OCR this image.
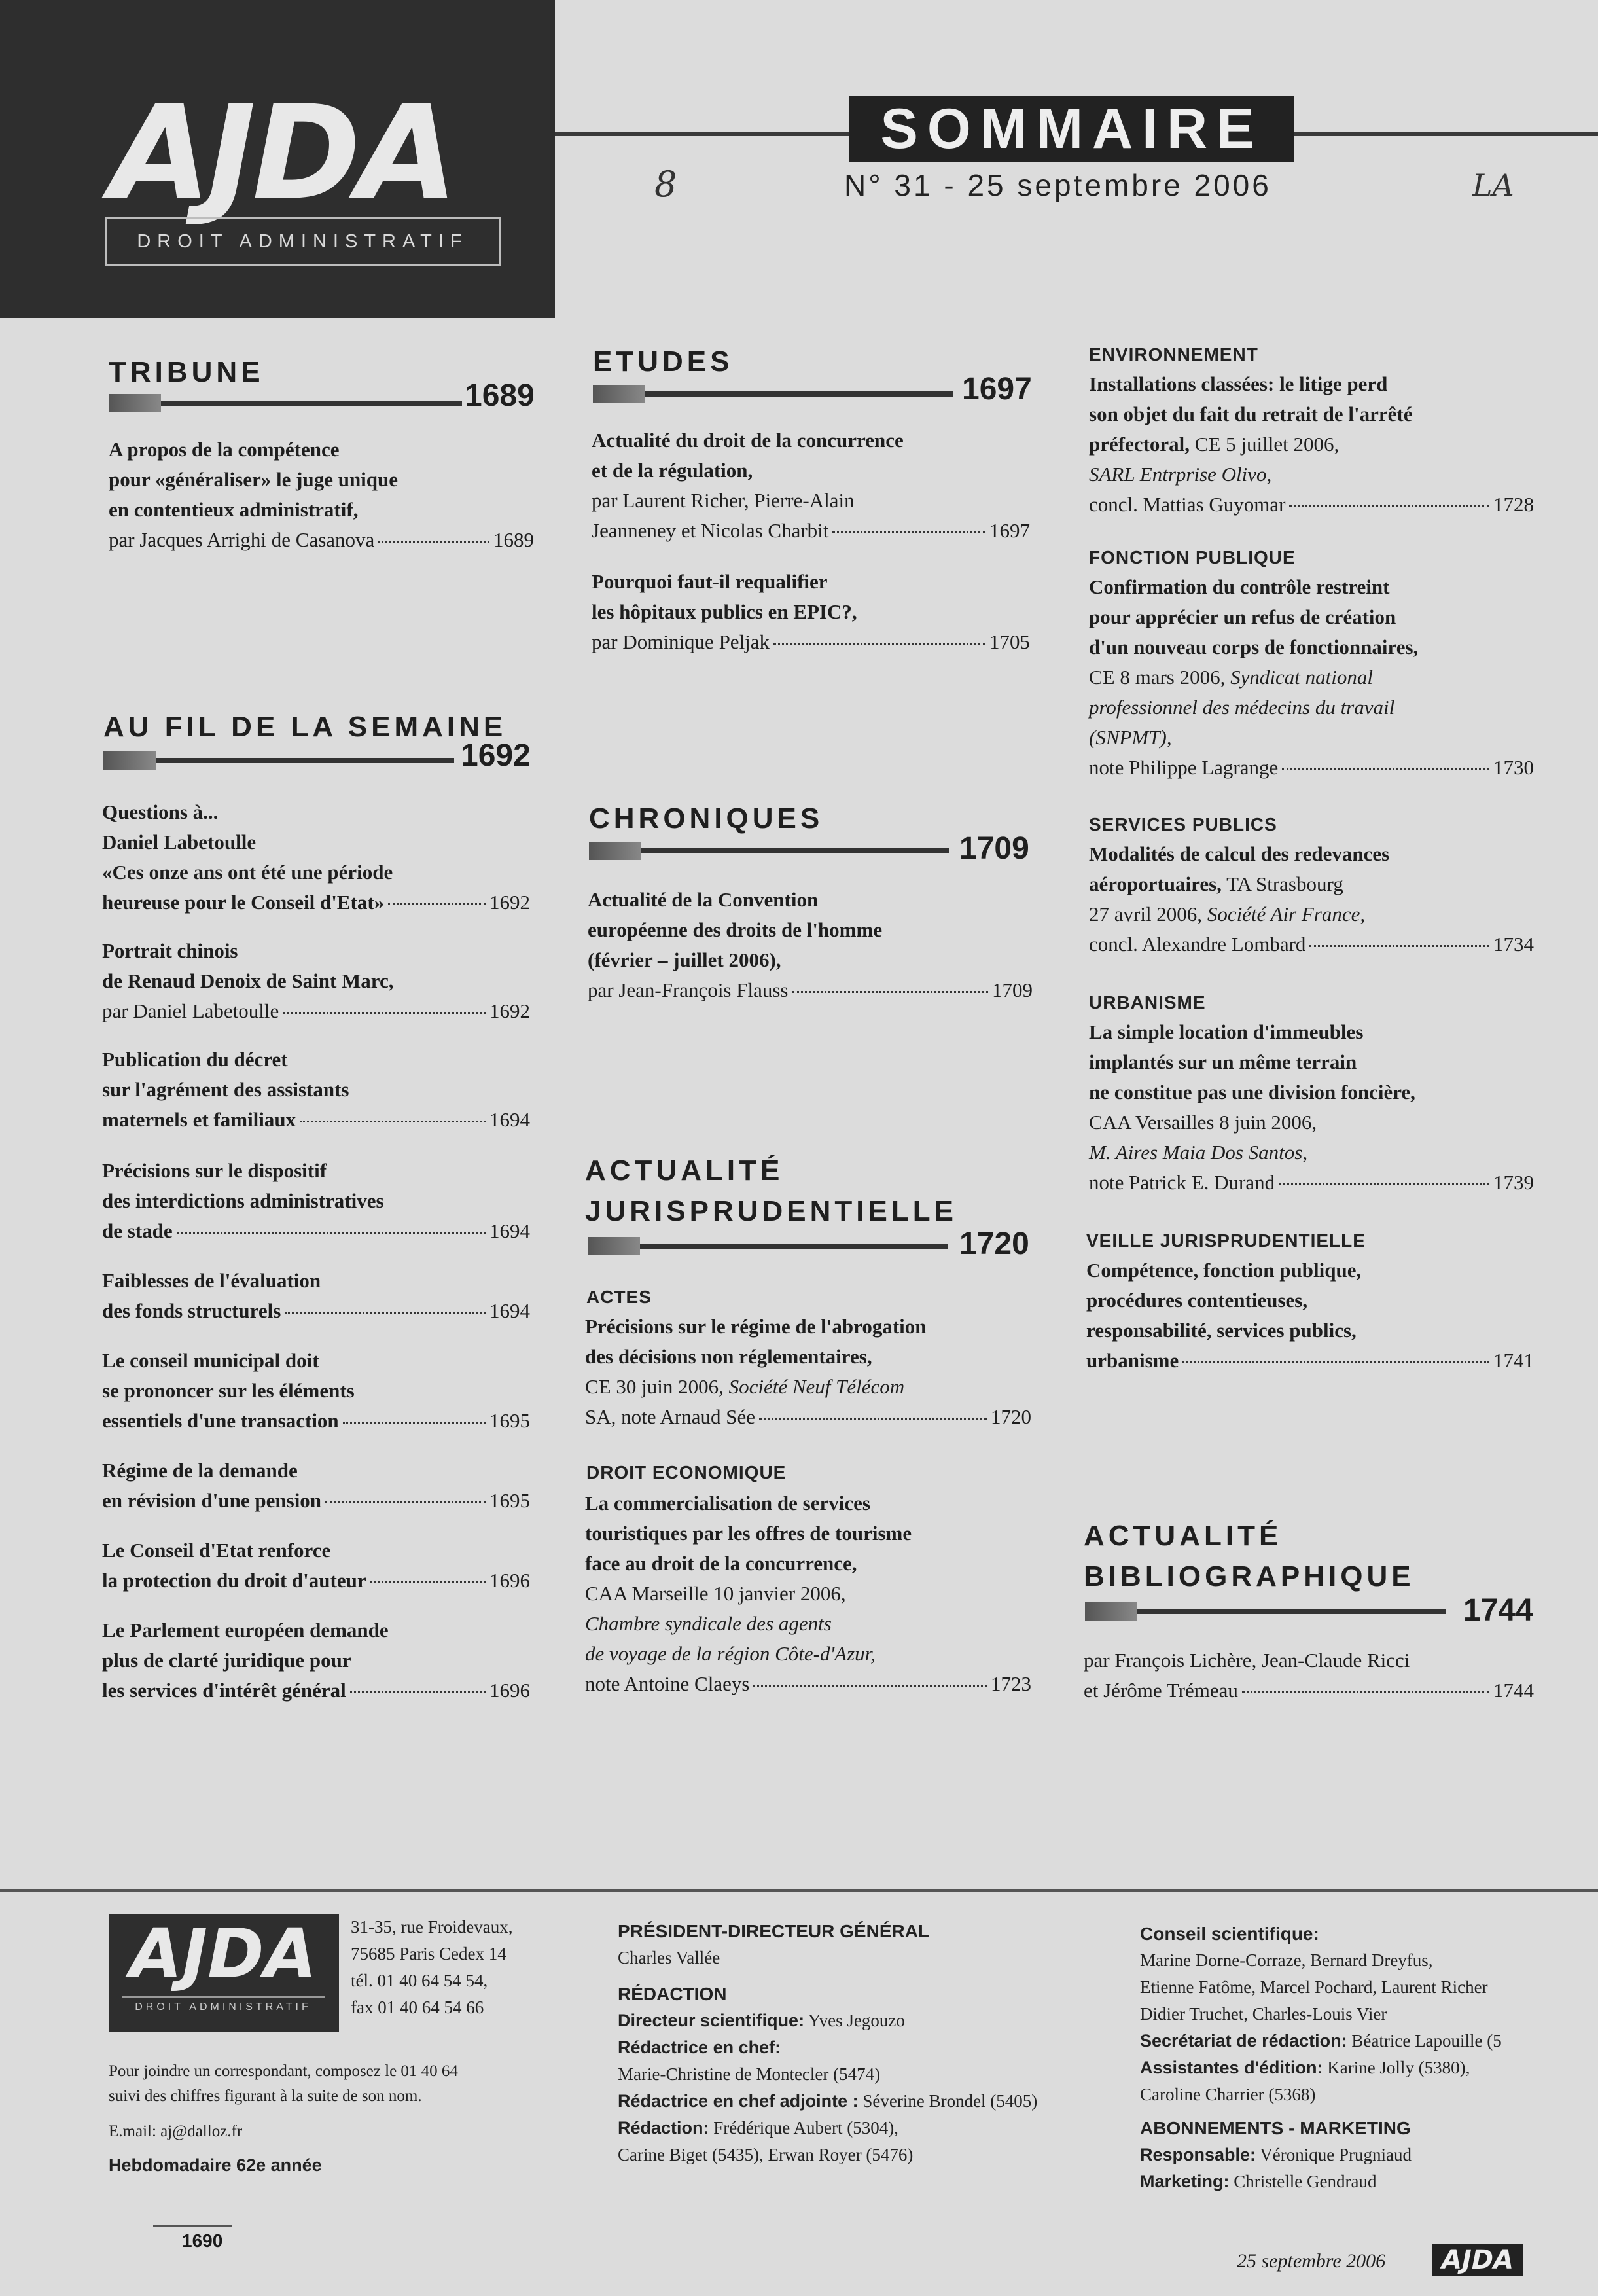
AJDA
DROIT ADMINISTRATIF
SOMMAIRE
N° 31 - 25 septembre 2006
8	LA
TRIBUNE
1689
A propos de la compétence
pour «généraliser» le juge unique
en contentieux administratif,
par Jacques Arrighi de Casanova	1689
AU FIL DE LA SEMAINE
1692
Questions à...
Daniel Labetoulle
«Ces onze ans ont été une période
heureuse pour le Conseil d'Etat»	1692
Portrait chinois
de Renaud Denoix de Saint Marc,
par Daniel Labetoulle	1692
Publication du décret
sur l'agrément des assistants
maternels et familiaux	1694
Précisions sur le dispositif
des interdictions administratives
de stade	1694
Faiblesses de l'évaluation
des fonds structurels	1694
Le conseil municipal doit
se prononcer sur les éléments
essentiels d'une transaction	1695
Régime de la demande
en révision d'une pension	1695
Le Conseil d'Etat renforce
la protection du droit d'auteur	1696
Le Parlement européen demande
plus de clarté juridique pour
les services d'intérêt général	1696
ETUDES
1697
Actualité du droit de la concurrence
et de la régulation,
par Laurent Richer, Pierre-Alain
Jeanneney et Nicolas Charbit	1697
Pourquoi faut-il requalifier
les hôpitaux publics en EPIC?,
par Dominique Peljak	1705
CHRONIQUES
1709
Actualité de la Convention
européenne des droits de l'homme
(février – juillet 2006),
par Jean-François Flauss	1709
ACTUALITÉ
JURISPRUDENTIELLE
1720
ACTES
Précisions sur le régime de l'abrogation
des décisions non réglementaires,
CE 30 juin 2006, Société Neuf Télécom
SA, note Arnaud Sée	1720
DROIT ECONOMIQUE
La commercialisation de services
touristiques par les offres de tourisme
face au droit de la concurrence,
CAA Marseille 10 janvier 2006,
Chambre syndicale des agents
de voyage de la région Côte-d'Azur,
note Antoine Claeys	1723
ENVIRONNEMENT
Installations classées: le litige perd
son objet du fait du retrait de l'arrêté
préfectoral, CE 5 juillet 2006,
SARL Entrprise Olivo,
concl. Mattias Guyomar	1728
FONCTION PUBLIQUE
Confirmation du contrôle restreint
pour apprécier un refus de création
d'un nouveau corps de fonctionnaires,
CE 8 mars 2006, Syndicat national
professionnel des médecins du travail
(SNPMT),
note Philippe Lagrange	1730
SERVICES PUBLICS
Modalités de calcul des redevances
aéroportuaires, TA Strasbourg
27 avril 2006, Société Air France,
concl. Alexandre Lombard	1734
URBANISME
La simple location d'immeubles
implantés sur un même terrain
ne constitue pas une division foncière,
CAA Versailles 8 juin 2006,
M. Aires Maia Dos Santos,
note Patrick E. Durand	1739
VEILLE JURISPRUDENTIELLE
Compétence, fonction publique,
procédures contentieuses,
responsabilité, services publics,
urbanisme	1741
ACTUALITÉ
BIBLIOGRAPHIQUE
1744
par François Lichère, Jean-Claude Ricci
et Jérôme Trémeau	1744
AJDA
DROIT ADMINISTRATIF
31-35, rue Froidevaux,
75685 Paris Cedex 14
tél. 01 40 64 54 54,
fax 01 40 64 54 66
Pour joindre un correspondant, composez le 01 40 64
suivi des chiffres figurant à la suite de son nom.
E.mail: aj@dalloz.fr
Hebdomadaire 62e année
PRÉSIDENT-DIRECTEUR GÉNÉRAL
Charles Vallée
RÉDACTION
Directeur scientifique: Yves Jegouzo
Rédactrice en chef:
Marie-Christine de Montecler (5474)
Rédactrice en chef adjointe : Séverine Brondel (5405)
Rédaction: Frédérique Aubert (5304),
Carine Biget (5435), Erwan Royer (5476)
Conseil scientifique:
Marine Dorne-Corraze, Bernard Dreyfus,
Etienne Fatôme, Marcel Pochard, Laurent Richer
Didier Truchet, Charles-Louis Vier
Secrétariat de rédaction: Béatrice Lapouille (5
Assistantes d'édition: Karine Jolly (5380),
Caroline Charrier (5368)
ABONNEMENTS - MARKETING
Responsable: Véronique Prugniaud
Marketing: Christelle Gendraud
1690
25 septembre 2006	AJDA
